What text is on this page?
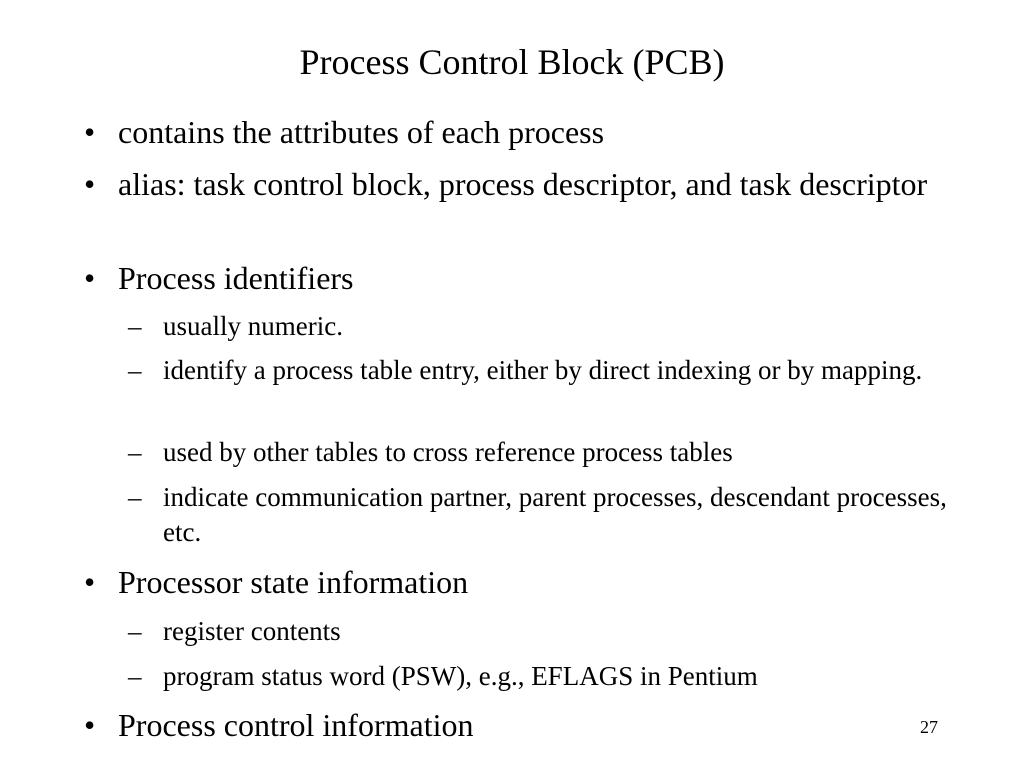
Process Control Block (PCB)
• contains the attributes of each process
• alias: task control block, process descriptor, and task descriptor
• Process identifiers
– usually numeric.
– identify a process table entry, either by direct indexing or by mapping.
– used by other tables to cross reference process tables
– indicate communication partner, parent processes, descendant processes, etc.
• Processor state information
– register contents
– program status word (PSW), e.g., EFLAGS in Pentium
• Process control information	27
